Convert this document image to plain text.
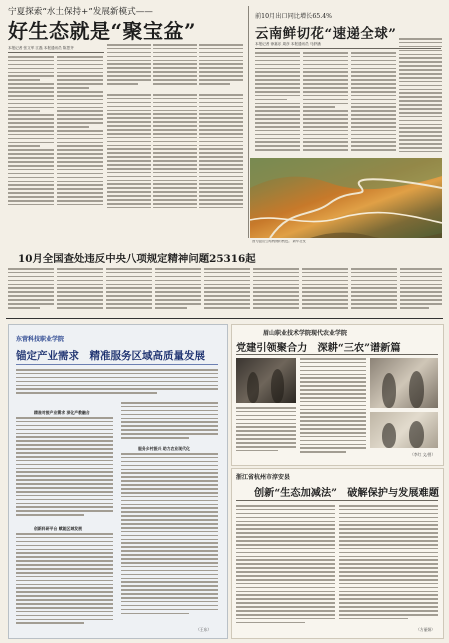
宁夏探索“水土保持+”发展新模式——
好生态就是“聚宝盆”
本报记者 张文军 江磊 本报通讯员 陈思齐
前10月出口同比增长65.4%
云南鲜切花“速递全球”
本报记者 徐嘉乐 周彦 本报通讯员 马舒涵
图为盘山公路两侧的秋色。 新华社发
10月全国查处违反中央八项规定精神问题25316起
东营科技职业学院
锚定产业需求　精准服务区域高质量发展
精准对接产业需求 深化产教融合
创新科研平台 赋能区域发展
服务乡村振兴 助力农业现代化
（王东）
眉山职业技术学院现代农业学院
党建引领聚合力　深耕“三农”谱新篇
（李红 文/图）
浙江省杭州市淳安县
创新“生态加减法”　破解保护与发展难题
（方丽娟）
